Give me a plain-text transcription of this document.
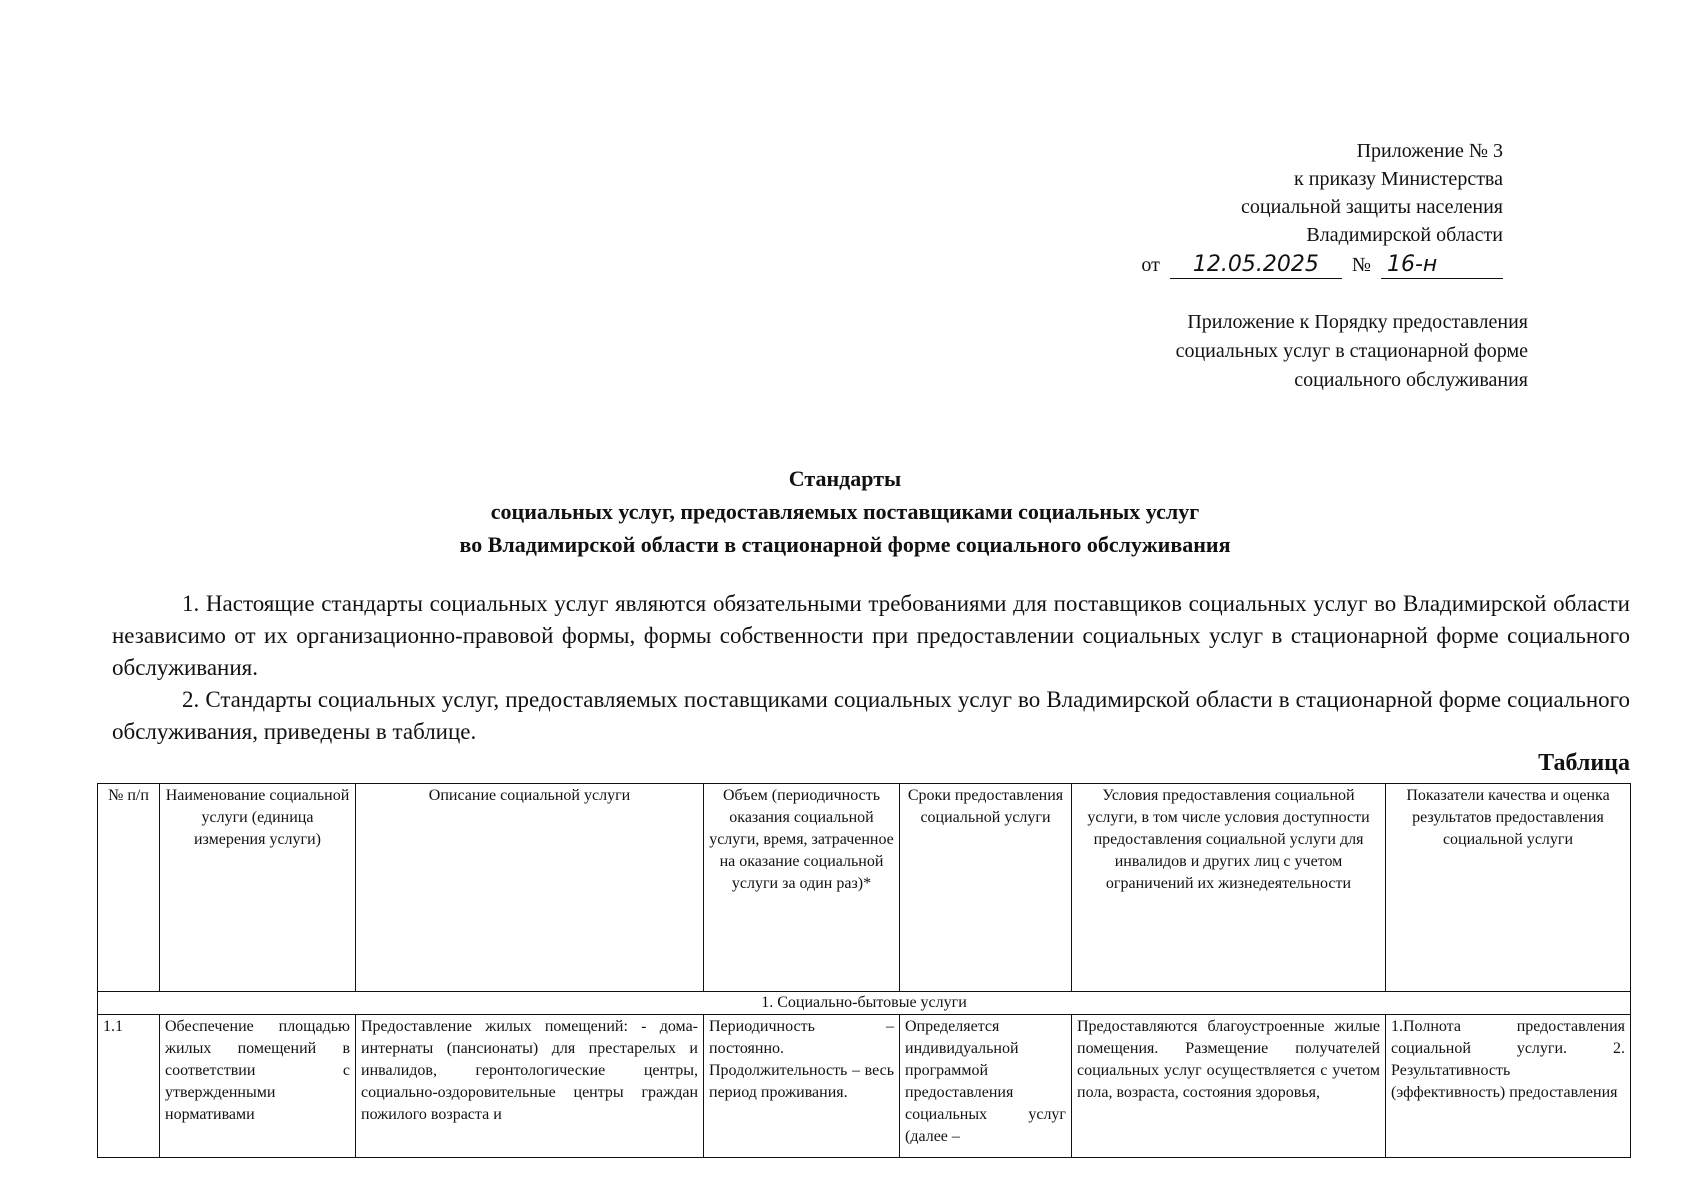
Приложение № 3
к приказу Министерства
социальной защиты населения
Владимирской области
от	12.05.2025	№ 16-н
Приложение к Порядку предоставления
социальных услуг в стационарной форме
социального обслуживания
Стандарты
социальных услуг, предоставляемых поставщиками социальных услуг
во Владимирской области в стационарной форме социального обслуживания

1. Настоящие стандарты социальных услуг являются обязательными требованиями для поставщиков социальных услуг во Владимирской области независимо от их организационно-правовой формы, формы собственности при предоставлении социальных услуг в стационарной форме социального обслуживания.

2. Стандарты социальных услуг, предоставляемых поставщиками социальных услуг во Владимирской области в стационарной форме социального обслуживания, приведены в таблице.

Таблица
№ п/п	Наименование социальной услуги (единица измерения услуги)	Описание социальной услуги	Объем (периодичность оказания социальной услуги, время, затраченное на оказание социальной услуги за один раз)*	Сроки предоставления социальной услуги	Условия предоставления социальной услуги, в том числе условия доступности предоставления социальной услуги для инвалидов и других лиц с учетом ограничений их жизнедеятельности	Показатели качества и оценка результатов предоставления социальной услуги
1. Социально-бытовые услуги						
1.1	Обеспечение площадью жилых помещений в соответствии с утвержденными нормативами	Предоставление жилых помещений: - дома-интернаты (пансионаты) для престарелых и инвалидов, геронтологические центры, социально-оздоровительные центры граждан пожилого возраста и	Периодичность – постоянно. Продолжительность – весь период проживания.	Определяется индивидуальной программой предоставления социальных услуг (далее –	Предоставляются благоустроенные жилые помещения. Размещение получателей социальных услуг осуществляется с учетом пола, возраста, состояния здоровья,	1.Полнота предоставления социальной услуги. 2. Результативность (эффективность) предоставления
